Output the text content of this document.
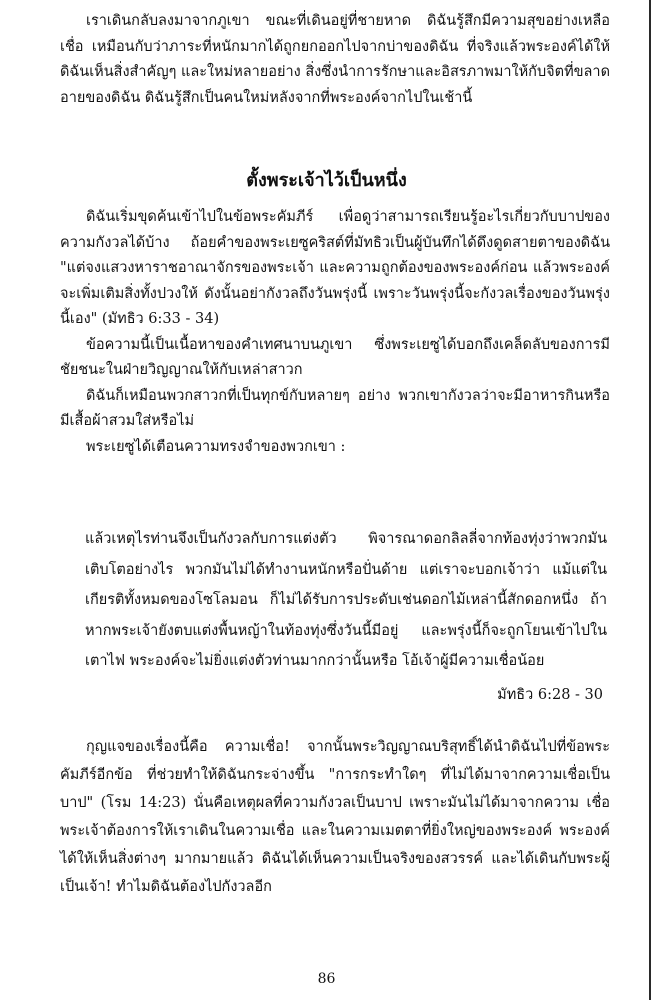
เราเดินกลับลงมาจากภูเขา ขณะที่เดินอยู่ที่ชายหาด ดิฉันรู้สึกมีความสุขอย่างเหลือเชื่อ เหมือนกับว่าภาระที่หนักมากได้ถูกยกออกไปจากบ่าของดิฉัน ที่จริงแล้วพระองค์ได้ให้ดิฉันเห็นสิ่งสำคัญๆ และใหม่หลายอย่าง สิ่งซึ่งนำการรักษาและอิสรภาพมาให้กับจิตที่ขลาดอายของดิฉัน ดิฉันรู้สึกเป็นคนใหม่หลังจากที่พระองค์จากไปในเช้านี้

ตั้งพระเจ้าไว้เป็นหนึ่ง

ดิฉันเริ่มขุดค้นเข้าไปในข้อพระคัมภีร์ เพื่อดูว่าสามารถเรียนรู้อะไรเกี่ยวกับบาปของความกังวลได้บ้าง ถ้อยคำของพระเยซูคริสต์ที่มัทธิวเป็นผู้บันทึกได้ดึงดูดสายตาของดิฉัน "แต่จงแสวงหาราชอาณาจักรของพระเจ้า และความถูกต้องของพระองค์ก่อน แล้วพระองค์จะเพิ่มเติมสิ่งทั้งปวงให้ ดังนั้นอย่ากังวลถึงวันพรุ่งนี้ เพราะวันพรุ่งนี้จะกังวลเรื่องของวันพรุ่งนี้เอง" (มัทธิว 6:33 - 34)

ข้อความนี้เป็นเนื้อหาของคำเทศนาบนภูเขา ซึ่งพระเยซูได้บอกถึงเคล็ดลับของการมีชัยชนะในฝ่ายวิญญาณให้กับเหล่าสาวก

ดิฉันก็เหมือนพวกสาวกที่เป็นทุกข์กับหลายๆ อย่าง พวกเขากังวลว่าจะมีอาหารกินหรือมีเสื้อผ้าสวมใส่หรือไม่

พระเยซูได้เตือนความทรงจำของพวกเขา :

แล้วเหตุไรท่านจึงเป็นกังวลกับการแต่งตัว พิจารณาดอกลิลลี่จากท้องทุ่งว่าพวกมันเติบโตอย่างไร พวกมันไม่ได้ทำงานหนักหรือปั่นด้าย แต่เราจะบอกเจ้าว่า แม้แต่ในเกียรติทั้งหมดของโซโลมอน ก็ไม่ได้รับการประดับเช่นดอกไม้เหล่านี้สักดอกหนึ่ง ถ้าหากพระเจ้ายังตบแต่งพื้นหญ้าในท้องทุ่งซึ่งวันนี้มีอยู่ และพรุ่งนี้ก็จะถูกโยนเข้าไปในเตาไฟ พระองค์จะไม่ยิ่งแต่งตัวท่านมากกว่านั้นหรือ โอ้เจ้าผู้มีความเชื่อน้อย
มัทธิว 6:28 - 30

กุญแจของเรื่องนี้คือ ความเชื่อ! จากนั้นพระวิญญาณบริสุทธิ์ได้นำดิฉันไปที่ข้อพระคัมภีร์อีกข้อ ที่ช่วยทำให้ดิฉันกระจ่างขึ้น "การกระทำใดๆ ที่ไม่ได้มาจากความเชื่อเป็นบาป" (โรม 14:23) นั่นคือเหตุผลที่ความกังวลเป็นบาป เพราะมันไม่ได้มาจากความ เชื่อ พระเจ้าต้องการให้เราเดินในความเชื่อ และในความเมตตาที่ยิ่งใหญ่ของพระองค์ พระองค์ได้ให้เห็นสิ่งต่างๆ มากมายแล้ว ดิฉันได้เห็นความเป็นจริงของสวรรค์ และได้เดินกับพระผู้เป็นเจ้า! ทำไมดิฉันต้องไปกังวลอีก

86
